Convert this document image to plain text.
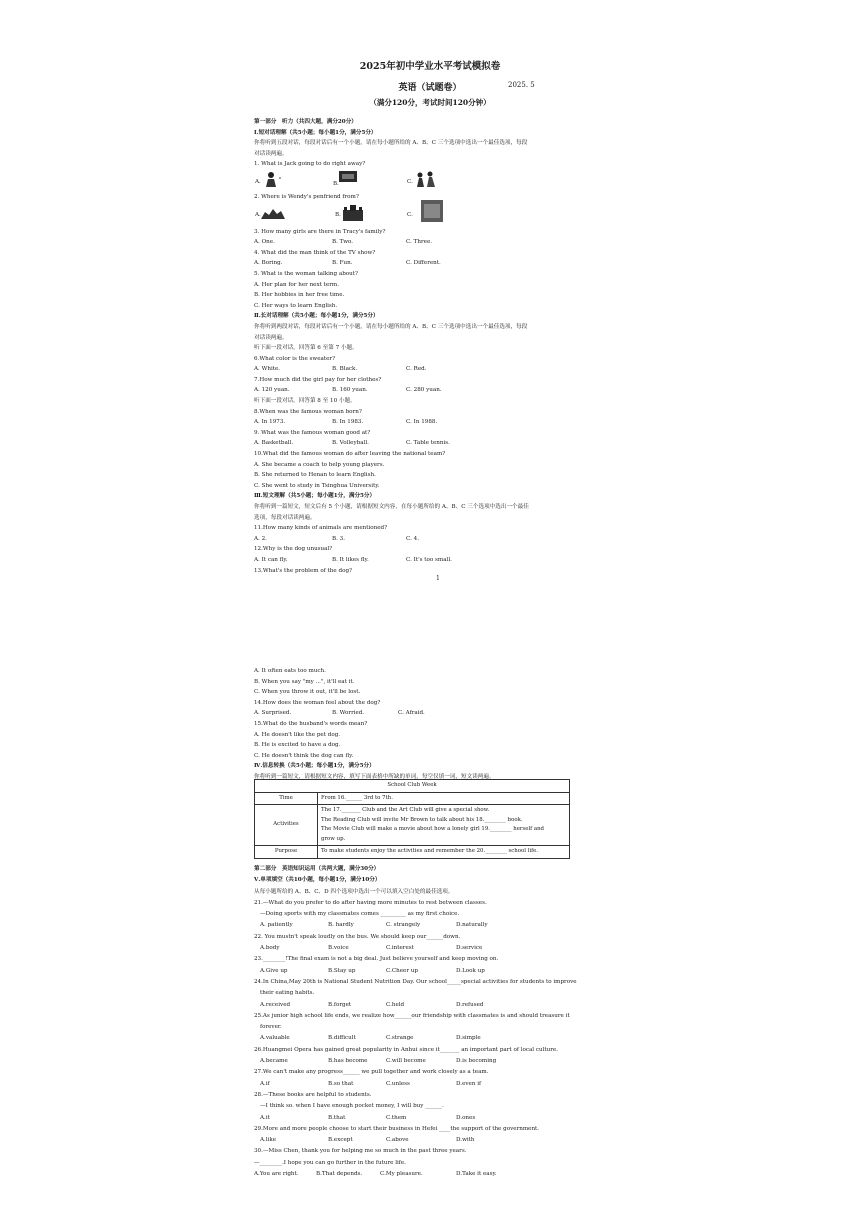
2025年初中学业水平考试模拟卷
英语（试题卷）	2025. 5
（满分120分，考试时间120分钟）
第一部分　听力（共四大题，满分20分）
Ⅰ.短对话理解（共5小题；每小题1分，满分5分）
你将听到五段对话，每段对话后有一个小题，请在每小题所给的 A、B、C 三个选项中选出一个最佳选项，每段
对话读两遍。
1. What is Jack going to do right away?
A.	B.	C.
2. Where is Wendy's penfriend from?
A.	B.	C.
3. How many girls are there in Tracy's family?
A. One.	B. Two.	C. Three.
4. What did the man think of the TV show?
A. Boring.	B. Fun.	C. Different.
5. What is the woman talking about?
A. Her plan for her next term.
B. Her hobbies in her free time.
C. Her ways to learn English.
Ⅱ.长对话理解（共5小题；每小题1分，满分5分）
你将听到两段对话，每段对话后有一个小题，请在每小题所给的 A、B、C 三个选项中选出一个最佳选项，每段
对话读两遍。
听下面一段对话，回答第 6 至第 7 小题。
6.What color is the sweater?
A. White.	B. Black.	C. Red.
7.How much did the girl pay for her clothes?
A. 120 yuan.	B. 160 yuan.	C. 280 yuan.
听下面一段对话，回答第 8 至 10 小题。
8.When was the famous woman born?
A. In 1973.	B. In 1983.	C. In 1988.
9. What was the famous woman good at?
A. Basketball.	B. Volleyball.	C. Table tennis.
10.What did the famous woman do after leaving the national team?
A. She became a coach to help young players.
B. She returned to Henan to learn English.
C. She went to study in Tsinghua University.
Ⅲ.短文理解（共5小题；每小题1分，满分5分）
你将听到一篇短文，短文后有 5 个小题，请根据短文内容，在每小题所给的 A、B、C 三个选项中选出一个最佳
选项，每段对话读两遍。
11.How many kinds of animals are mentioned?
A. 2.	B. 3.	C. 4.
12.Why is the dog unusual?
A. It can fly.	B. It likes fly.	C. It's too small.
13.What's the problem of the dog?
1
A. It often eats too much.
B. When you say "my ...", it'll eat it.
C. When you throw it out, it'll be lost.
14.How does the woman feel about the dog?
A. Surprised.	B. Worried.	C. Afraid.
15.What do the husband's words mean?
A. He doesn't like the pet dog.
B. He is excited to have a dog.
C. He doesn't think the dog can fly.
Ⅳ.信息转换（共5小题；每小题1分，满分5分）
你将听到一篇短文，请根据短文内容，填写下面表格中所缺的单词，每空仅填一词，短文读两遍。
School Club Week	
Time	From 16.______ 3rd to 7th.
Activities	The 17._______ Club and the Art Club will give a special show.
The Reading Club will invite Mr Brown to talk about his 18.________ book.
The Movie Club will make a movie about how a lonely girl 19.________ herself and
grow up.

Purpose	To make students enjoy the activities and remember the 20.________ school life.
第二部分　英语知识运用（共两大题，满分30分）
Ⅴ.单项填空（共10小题，每小题1分，满分10分）
从每小题所给的 A、B、C、D 四个选项中选出一个可以填入空白处的最佳选项。
21.—What do you prefer to do after having more minutes to rest between classes.
—Doing sports with my classmates comes _________ as my first choice.
A. patiently	B. hardly	C. strangely	D.naturally
22. You mustn't speak loudly on the bus. We should keep our______down.
A.body	B.voice	C.interest	D.service
23.________!The final exam is not a big deal. Just believe yourself and keep moving on.
A.Give up	B.Stay up	C.Cheer up	D.Look up
24.In China,May 20th is National Student Nutrition Day. Our school_____special activities for students to improve
their eating habits.
A.received	B.forget	C.held	D.refused
25.As junior high school life ends, we realize how______our friendship with classmates is and should treasure it
forever.
A.valuable	B.difficult	C.strange	D.simple
26.Huangmei Opera has gained great popularity in Anhui since it_______ an important part of local culture.
A.became	B.has become	C.will become	D.is becoming
27.We can't make any progress______ we pull together and work closely as a team.
A.if	B.so that	C.unless	D.even if
28.—These books are helpful to students.
—I think so. when I have enough pocket money, I will buy ______.
A.it	B.that	C.them	D.ones
29.More and more people choose to start their business in Hefei ____the support of the government.
A.like	B.except	C.above	D.with
30.—Miss Chen, thank you for helping me so much in the past three years.
—________.I hope you can go further in the future life.
A.You are right.	B.That depends.	C.My pleasure.	D.Take it easy.
